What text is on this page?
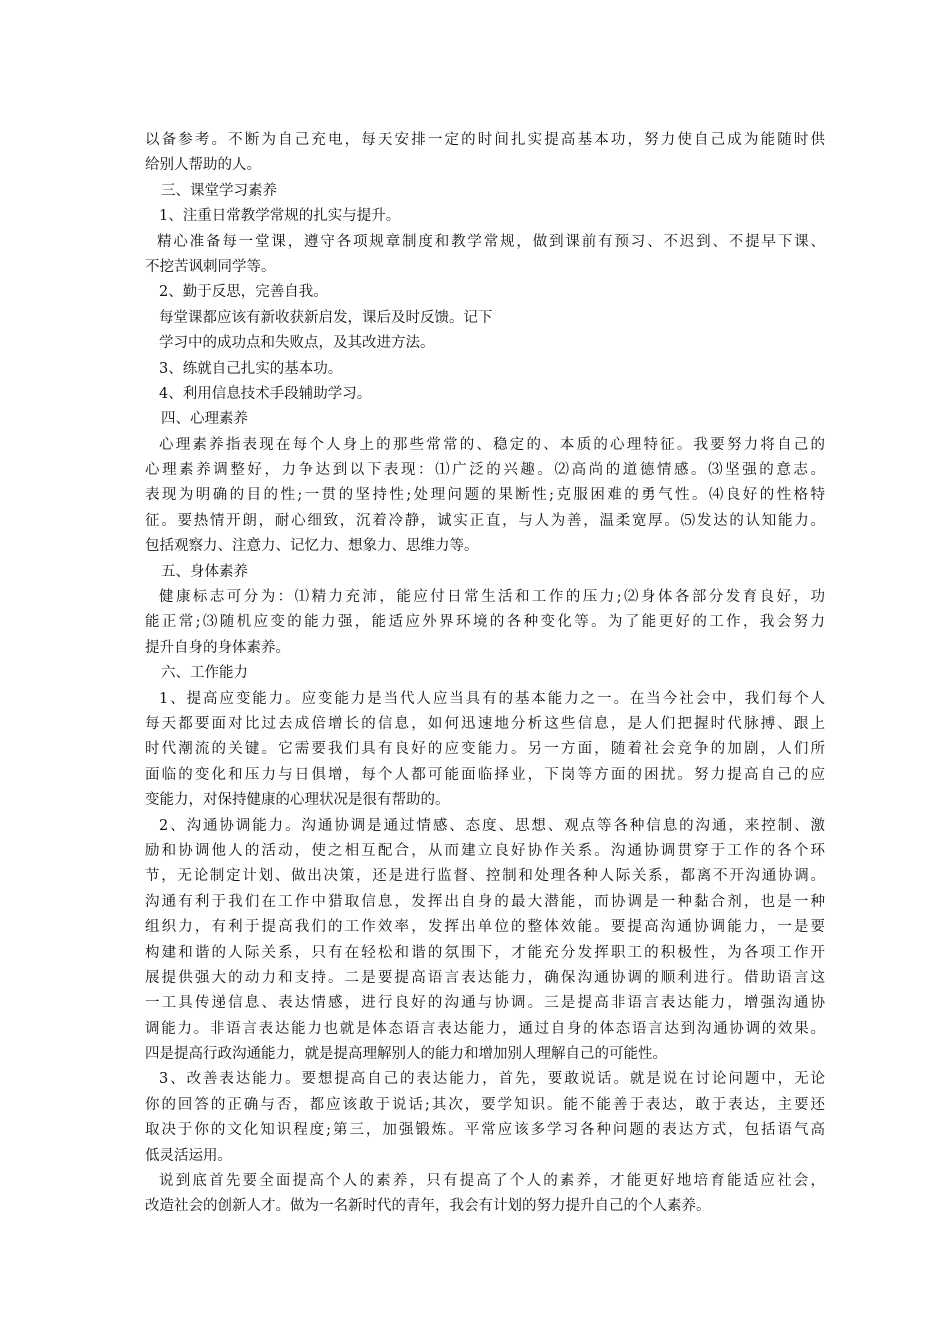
以备参考。不断为自己充电，每天安排一定的时间扎实提高基本功，努力使自己成为能随时供
给别人帮助的人。
三、课堂学习素养
1、注重日常教学常规的扎实与提升。
精心准备每一堂课，遵守各项规章制度和教学常规，做到课前有预习、不迟到、不提早下课、
不挖苦讽刺同学等。
2、勤于反思，完善自我。
每堂课都应该有新收获新启发，课后及时反馈。记下
学习中的成功点和失败点，及其改进方法。
3、练就自己扎实的基本功。
4、利用信息技术手段辅助学习。
四、心理素养
心理素养指表现在每个人身上的那些常常的、稳定的、本质的心理特征。我要努力将自己的
心理素养调整好，力争达到以下表现：⑴广泛的兴趣。⑵高尚的道德情感。⑶坚强的意志。
表现为明确的目的性;一贯的坚持性;处理问题的果断性;克服困难的勇气性。⑷良好的性格特
征。要热情开朗，耐心细致，沉着冷静，诚实正直，与人为善，温柔宽厚。⑸发达的认知能力。
包括观察力、注意力、记忆力、想象力、思维力等。
五、身体素养
健康标志可分为：⑴精力充沛，能应付日常生活和工作的压力;⑵身体各部分发育良好，功
能正常;⑶随机应变的能力强，能适应外界环境的各种变化等。为了能更好的工作，我会努力
提升自身的身体素养。
六、工作能力
1、提高应变能力。应变能力是当代人应当具有的基本能力之一。在当今社会中，我们每个人
每天都要面对比过去成倍增长的信息，如何迅速地分析这些信息，是人们把握时代脉搏、跟上
时代潮流的关键。它需要我们具有良好的应变能力。另一方面，随着社会竞争的加剧，人们所
面临的变化和压力与日俱增，每个人都可能面临择业，下岗等方面的困扰。努力提高自己的应
变能力，对保持健康的心理状况是很有帮助的。
2、沟通协调能力。沟通协调是通过情感、态度、思想、观点等各种信息的沟通，来控制、激
励和协调他人的活动，使之相互配合，从而建立良好协作关系。沟通协调贯穿于工作的各个环
节，无论制定计划、做出决策，还是进行监督、控制和处理各种人际关系，都离不开沟通协调。
沟通有利于我们在工作中猎取信息，发挥出自身的最大潜能，而协调是一种黏合剂，也是一种
组织力，有利于提高我们的工作效率，发挥出单位的整体效能。要提高沟通协调能力，一是要
构建和谐的人际关系，只有在轻松和谐的氛围下，才能充分发挥职工的积极性，为各项工作开
展提供强大的动力和支持。二是要提高语言表达能力，确保沟通协调的顺利进行。借助语言这
一工具传递信息、表达情感，进行良好的沟通与协调。三是提高非语言表达能力，增强沟通协
调能力。非语言表达能力也就是体态语言表达能力，通过自身的体态语言达到沟通协调的效果。
四是提高行政沟通能力，就是提高理解别人的能力和增加别人理解自己的可能性。
3、改善表达能力。要想提高自己的表达能力，首先，要敢说话。就是说在讨论问题中，无论
你的回答的正确与否，都应该敢于说话;其次，要学知识。能不能善于表达，敢于表达，主要还
取决于你的文化知识程度;第三，加强锻炼。平常应该多学习各种问题的表达方式，包括语气高
低灵活运用。
说到底首先要全面提高个人的素养，只有提高了个人的素养，才能更好地培育能适应社会，
改造社会的创新人才。做为一名新时代的青年，我会有计划的努力提升自己的个人素养。
